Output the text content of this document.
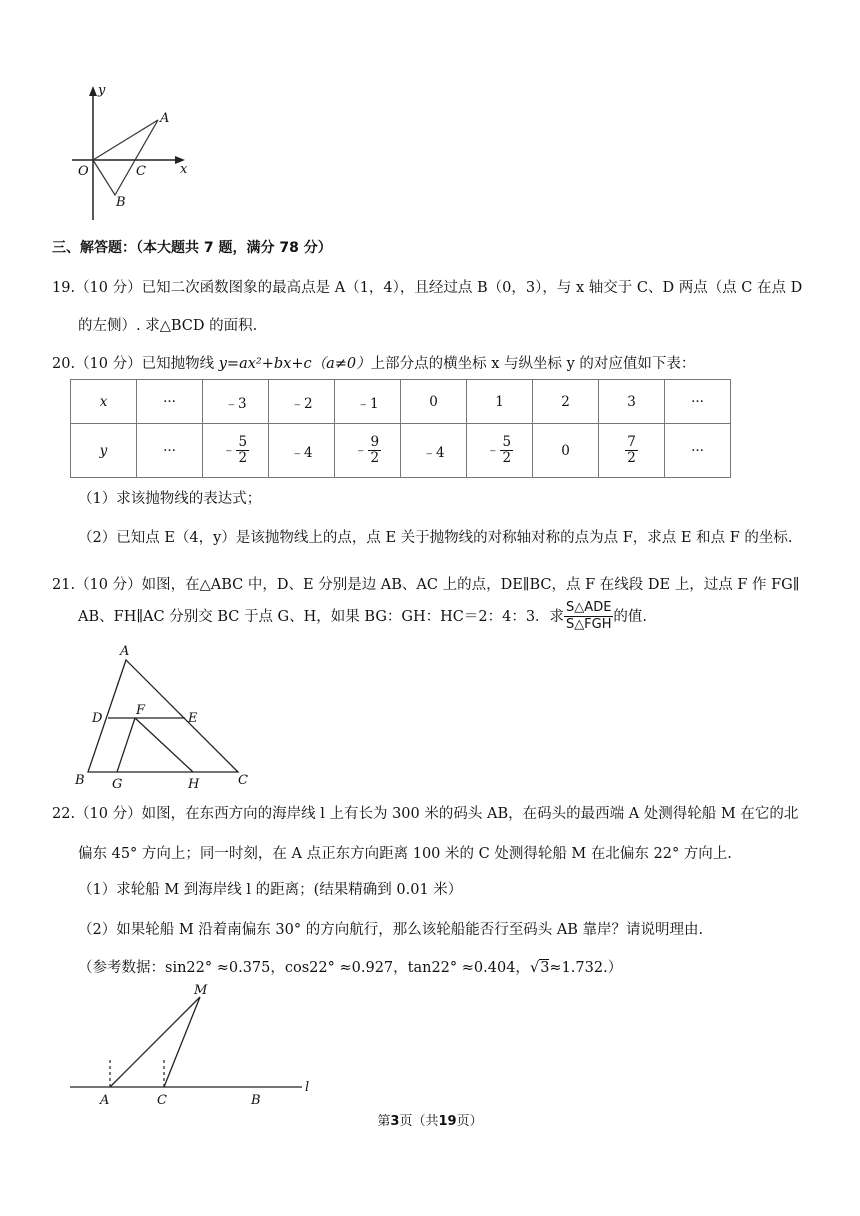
y
x
O
A
C
B
三、解答题：（本大题共 7 题，满分 78 分）
19.（10 分）已知二次函数图象的最高点是 A（1，4），且经过点 B（0，3），与 x 轴交于 C、D 两点（点 C 在点 D
的左侧）. 求△BCD 的面积.
20.（10 分）已知抛物线 y=ax²+bx+c（a≠0）上部分点的横坐标 x 与纵坐标 y 的对应值如下表：
x	···	﹣3	﹣2	﹣1	0	1	2	3	···
y	···	﹣ $\frac{5}{2}$	﹣4	﹣ $\frac{9}{2}$	﹣4	﹣ $\frac{5}{2}$	0	$\frac{7}{2}$	···
（1）求该抛物线的表达式；
（2）已知点 E（4，y）是该抛物线上的点，点 E 关于抛物线的对称轴对称的点为点 F，求点 E 和点 F 的坐标.
21.（10 分）如图，在△ABC 中，D、E 分别是边 AB、AC 上的点，DE∥BC，点 F 在线段 DE 上，过点 F 作 FG∥
AB、FH∥AC 分别交 BC 于点 G、H，如果 BG：GH：HC＝2：4：3．求
S△ADE
S△FGH 的值.
A
D
F
E
B G	H	C
22.（10 分）如图，在东西方向的海岸线 l 上有长为 300 米的码头 AB，在码头的最西端 A 处测得轮船 M 在它的北
偏东 45° 方向上；同一时刻，在 A 点正东方向距离 100 米的 C 处测得轮船 M 在北偏东 22° 方向上.
（1）求轮船 M 到海岸线 l 的距离；(结果精确到 0.01 米）
（2）如果轮船 M 沿着南偏东 30° 的方向航行，那么该轮船能否行至码头 AB 靠岸？请说明理由.
（参考数据：sin22° ≈0.375，cos22° ≈0.927，tan22° ≈0.404，√3≈1.732.）
M
A	C	B
l
第3页（共19页）
